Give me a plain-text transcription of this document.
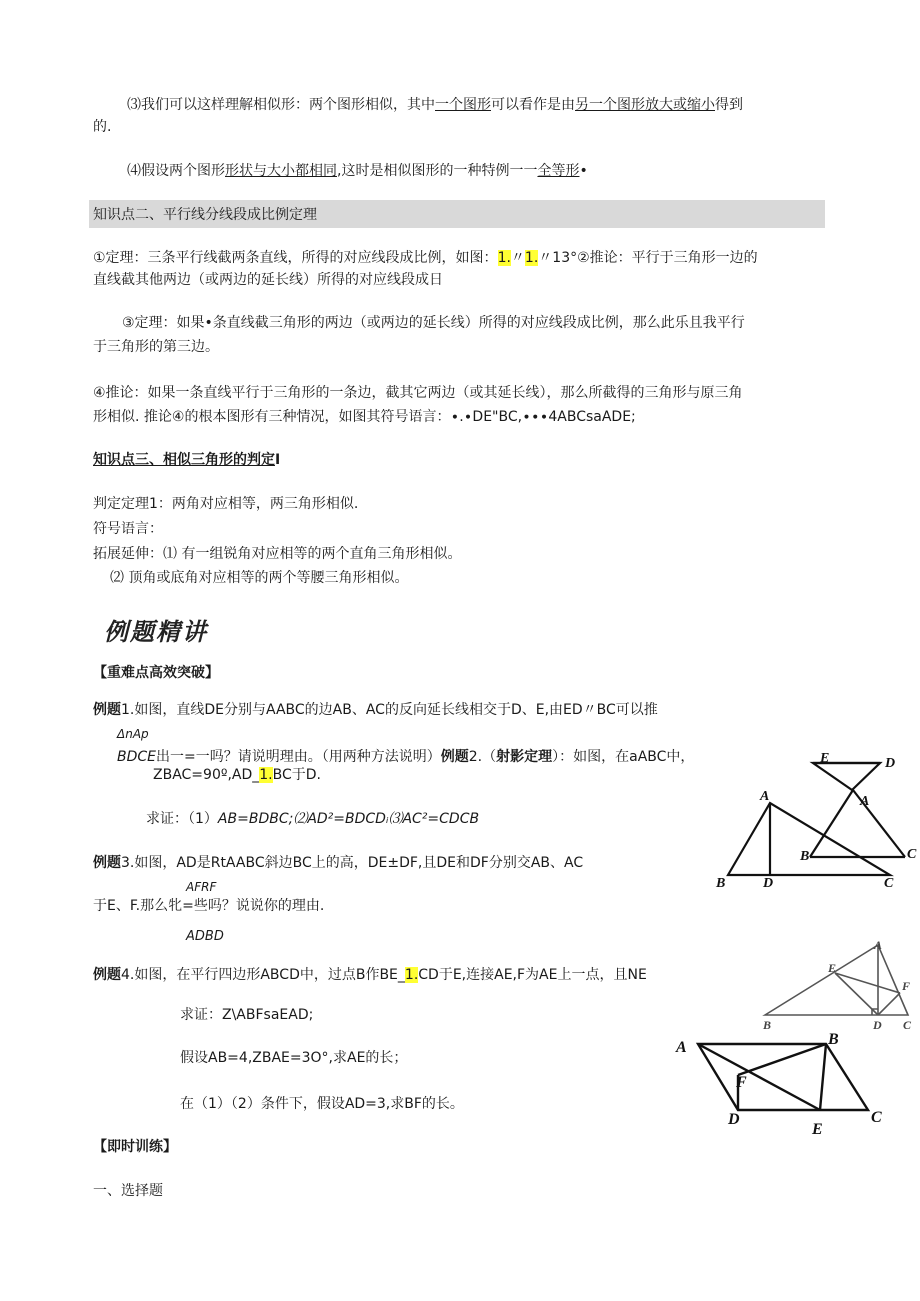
⑶我们可以这样理解相似形：两个图形相似，其中一个图形可以看作是由另一个图形放大或缩小得到
的.
⑷假设两个图形形状与大小都相同,这时是相似图形的一种特例一一全等形•
知识点二、平行线分线段成比例定理
①定理：三条平行线截两条直线，所得的对应线段成比例，如图：1.〃1.〃13°②推论：平行于三角形一边的
直线截其他两边（或两边的延长线）所得的对应线段成日
③定理：如果•条直线截三角形的两边（或两边的延长线）所得的对应线段成比例，那么此乐且我平行
于三角形的第三边。
④推论：如果一条直线平行于三角形的一条边，截其它两边（或其延长线），那么所截得的三角形与原三角
形相似. 推论④的根本图形有三种情况，如图其符号语言：∙.∙DE"BC,∙∙∙4ABCsaADE;
知识点三、相似三角形的判定I
判定定理1：两角对应相等，两三角形相似.
符号语言：
拓展延伸：⑴ 有一组锐角对应相等的两个直角三角形相似。
⑵ 顶角或底角对应相等的两个等腰三角形相似。
例题精讲
【重难点高效突破】
例题1.如图，直线DE分别与AABC的边AB、AC的反向延长线相交于D、E,由ED〃BC可以推
ΔnAp
BDCE出一=一吗？请说明理由。（用两种方法说明）例题2.（射影定理）：如图，在aABC中，
ZBAC=90º,AD_1.BC于D.
求证：（1）AB=BDBC;⑵AD²=BDCDᵢ⑶AC²=CDCB
例题3.如图，AD是RtAABC斜边BC上的高，DE±DF,且DE和DF分别交AB、AC
AFRF
于E、F.那么牝=些吗？说说你的理由.
ADBD
例题4.如图，在平行四边形ABCD中，过点B作BE_1.CD于E,连接AE,F为AE上一点，且NE
求证：Z\ABFsaEAD;
假设AB=4,ZBAE=3O°,求AE的长；
在（1）（2）条件下，假设AD=3,求BF的长。
【即时训练】
一、选择题
E	D
A
B	C
B	D
A
C
A
E
F
B	D C
A	B
F
D
E
C
